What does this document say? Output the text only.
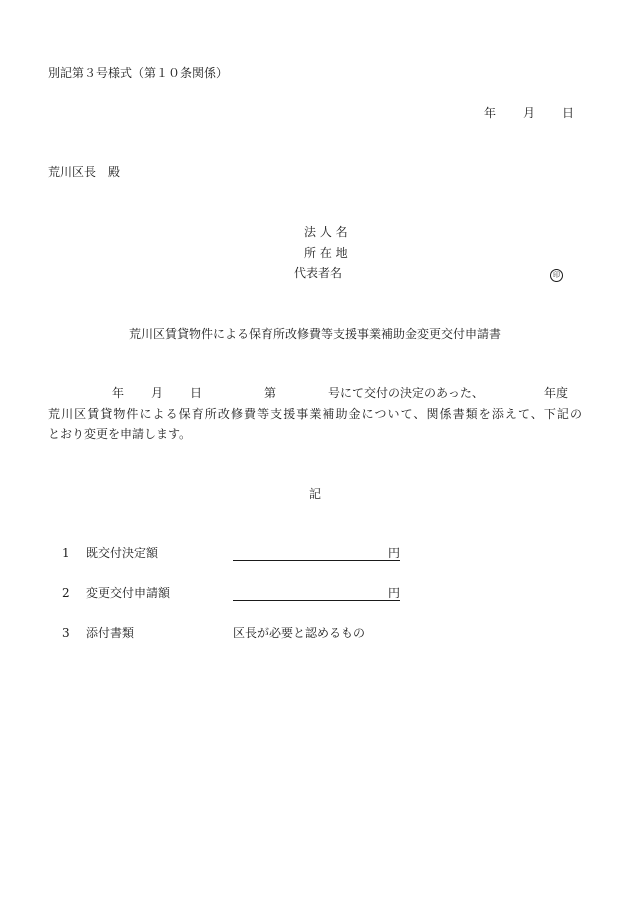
別記第３号様式（第１０条関係）
年 月 日
荒川区長　殿
法 人 名
所 在 地
代表者名	印
荒川区賃貸物件による保育所改修費等支援事業補助金変更交付申請書
年 月 日	第	号にて交付の決定のあった、	年度
荒川区賃貸物件による保育所改修費等支援事業補助金について、関係書類を添えて、下記の
とおり変更を申請します。
記
1 既交付決定額	円
2 変更交付申請額	円
3 添付書類	区長が必要と認めるもの
